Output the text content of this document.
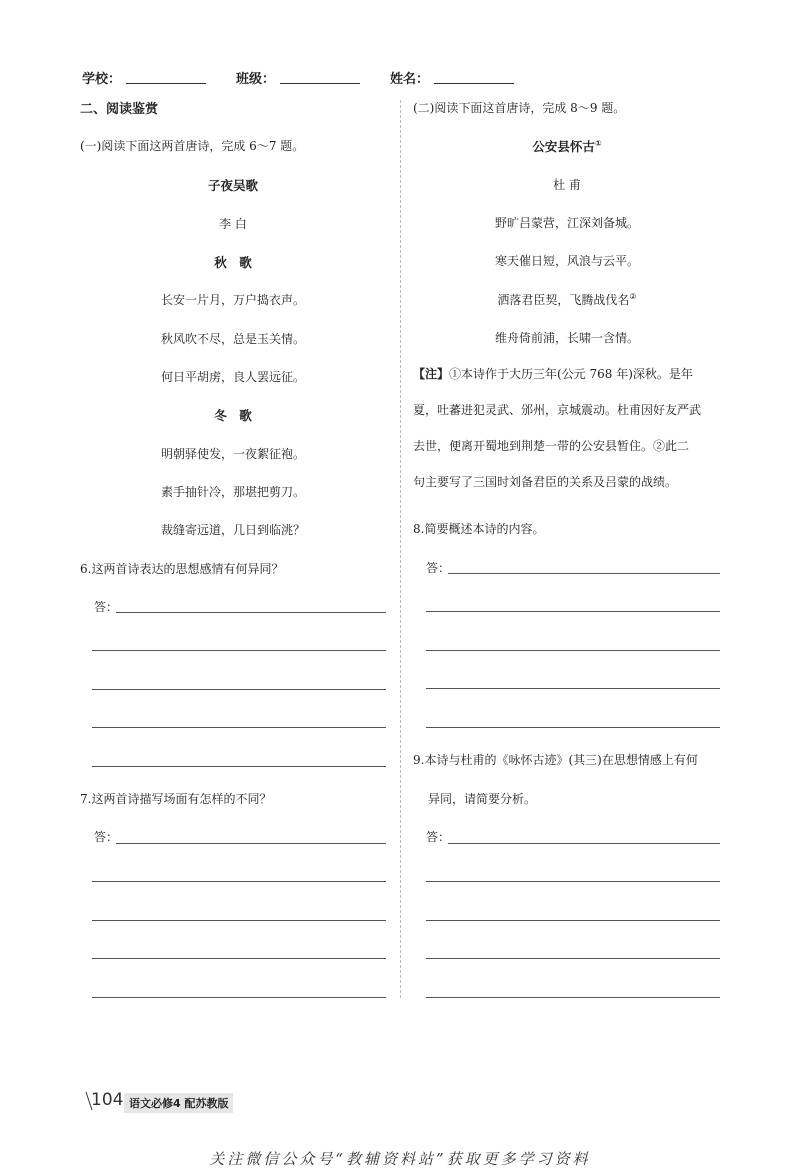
学校：	班级：	姓名：
二、阅读鉴赏
(一)阅读下面这两首唐诗，完成 6～7 题。
子夜吴歌
李 白
秋　歌
长安一片月，万户捣衣声。
秋风吹不尽，总是玉关情。
何日平胡虏，良人罢远征。
冬　歌
明朝驿使发，一夜絮征袍。
素手抽针冷，那堪把剪刀。
裁缝寄远道，几日到临洮？
6.这两首诗表达的思想感情有何异同？
答：
7.这两首诗描写场面有怎样的不同？
答：
(二)阅读下面这首唐诗，完成 8～9 题。
公安县怀古①
杜 甫
野旷吕蒙营，江深刘备城。
寒天催日短，风浪与云平。
洒落君臣契，飞腾战伐名②
维舟倚前浦，长啸一含情。
【注】①本诗作于大历三年(公元 768 年)深秋。是年
夏，吐蕃进犯灵武、邠州，京城震动。杜甫因好友严武
去世，便离开蜀地到荆楚一带的公安县暂住。②此二
句主要写了三国时刘备君臣的关系及吕蒙的战绩。
8.简要概述本诗的内容。
答：
9.本诗与杜甫的《咏怀古迹》(其三)在思想情感上有何
异同，请简要分析。
答：
104 语文必修4 配苏教版
关注微信公众号“教辅资料站”获取更多学习资料
